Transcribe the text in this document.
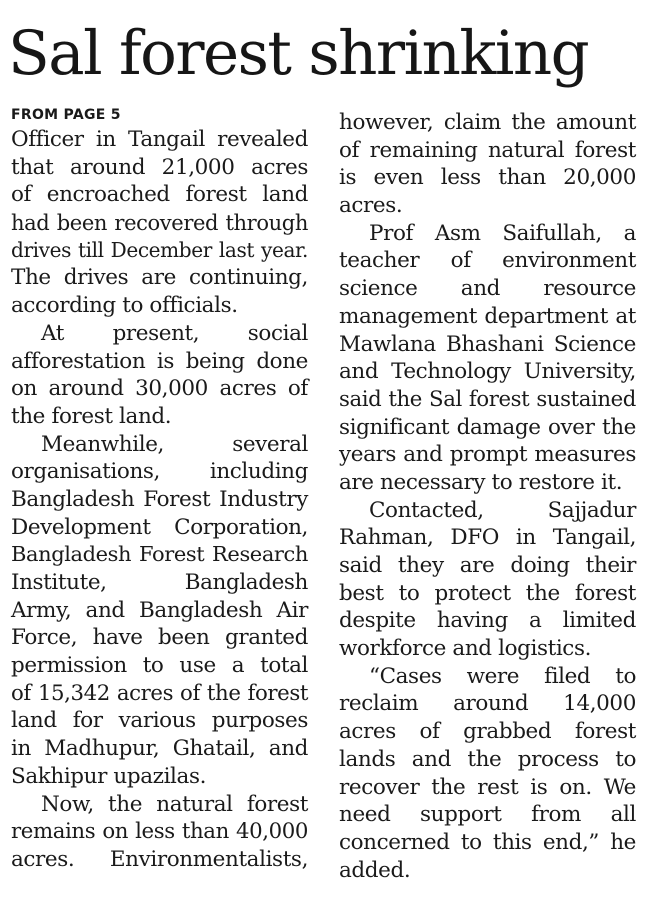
Sal forest shrinking
FROM PAGE 5
Officer in Tangail revealed
that around 21,000 acres
of encroached forest land
had been recovered through
drives till December last year.
The drives are continuing,
according to officials.
At present, social
afforestation is being done
on around 30,000 acres of
the forest land.
Meanwhile, several
organisations, including
Bangladesh Forest Industry
Development Corporation,
Bangladesh Forest Research
Institute, Bangladesh
Army, and Bangladesh Air
Force, have been granted
permission to use a total
of 15,342 acres of the forest
land for various purposes
in Madhupur, Ghatail, and
Sakhipur upazilas.
Now, the natural forest
remains on less than 40,000
acres. Environmentalists,
however, claim the amount
of remaining natural forest
is even less than 20,000
acres.
Prof Asm Saifullah, a
teacher of environment
science and resource
management department at
Mawlana Bhashani Science
and Technology University,
said the Sal forest sustained
significant damage over the
years and prompt measures
are necessary to restore it.
Contacted, Sajjadur
Rahman, DFO in Tangail,
said they are doing their
best to protect the forest
despite having a limited
workforce and logistics.
“Cases were filed to
reclaim around 14,000
acres of grabbed forest
lands and the process to
recover the rest is on. We
need support from all
concerned to this end,” he
added.
